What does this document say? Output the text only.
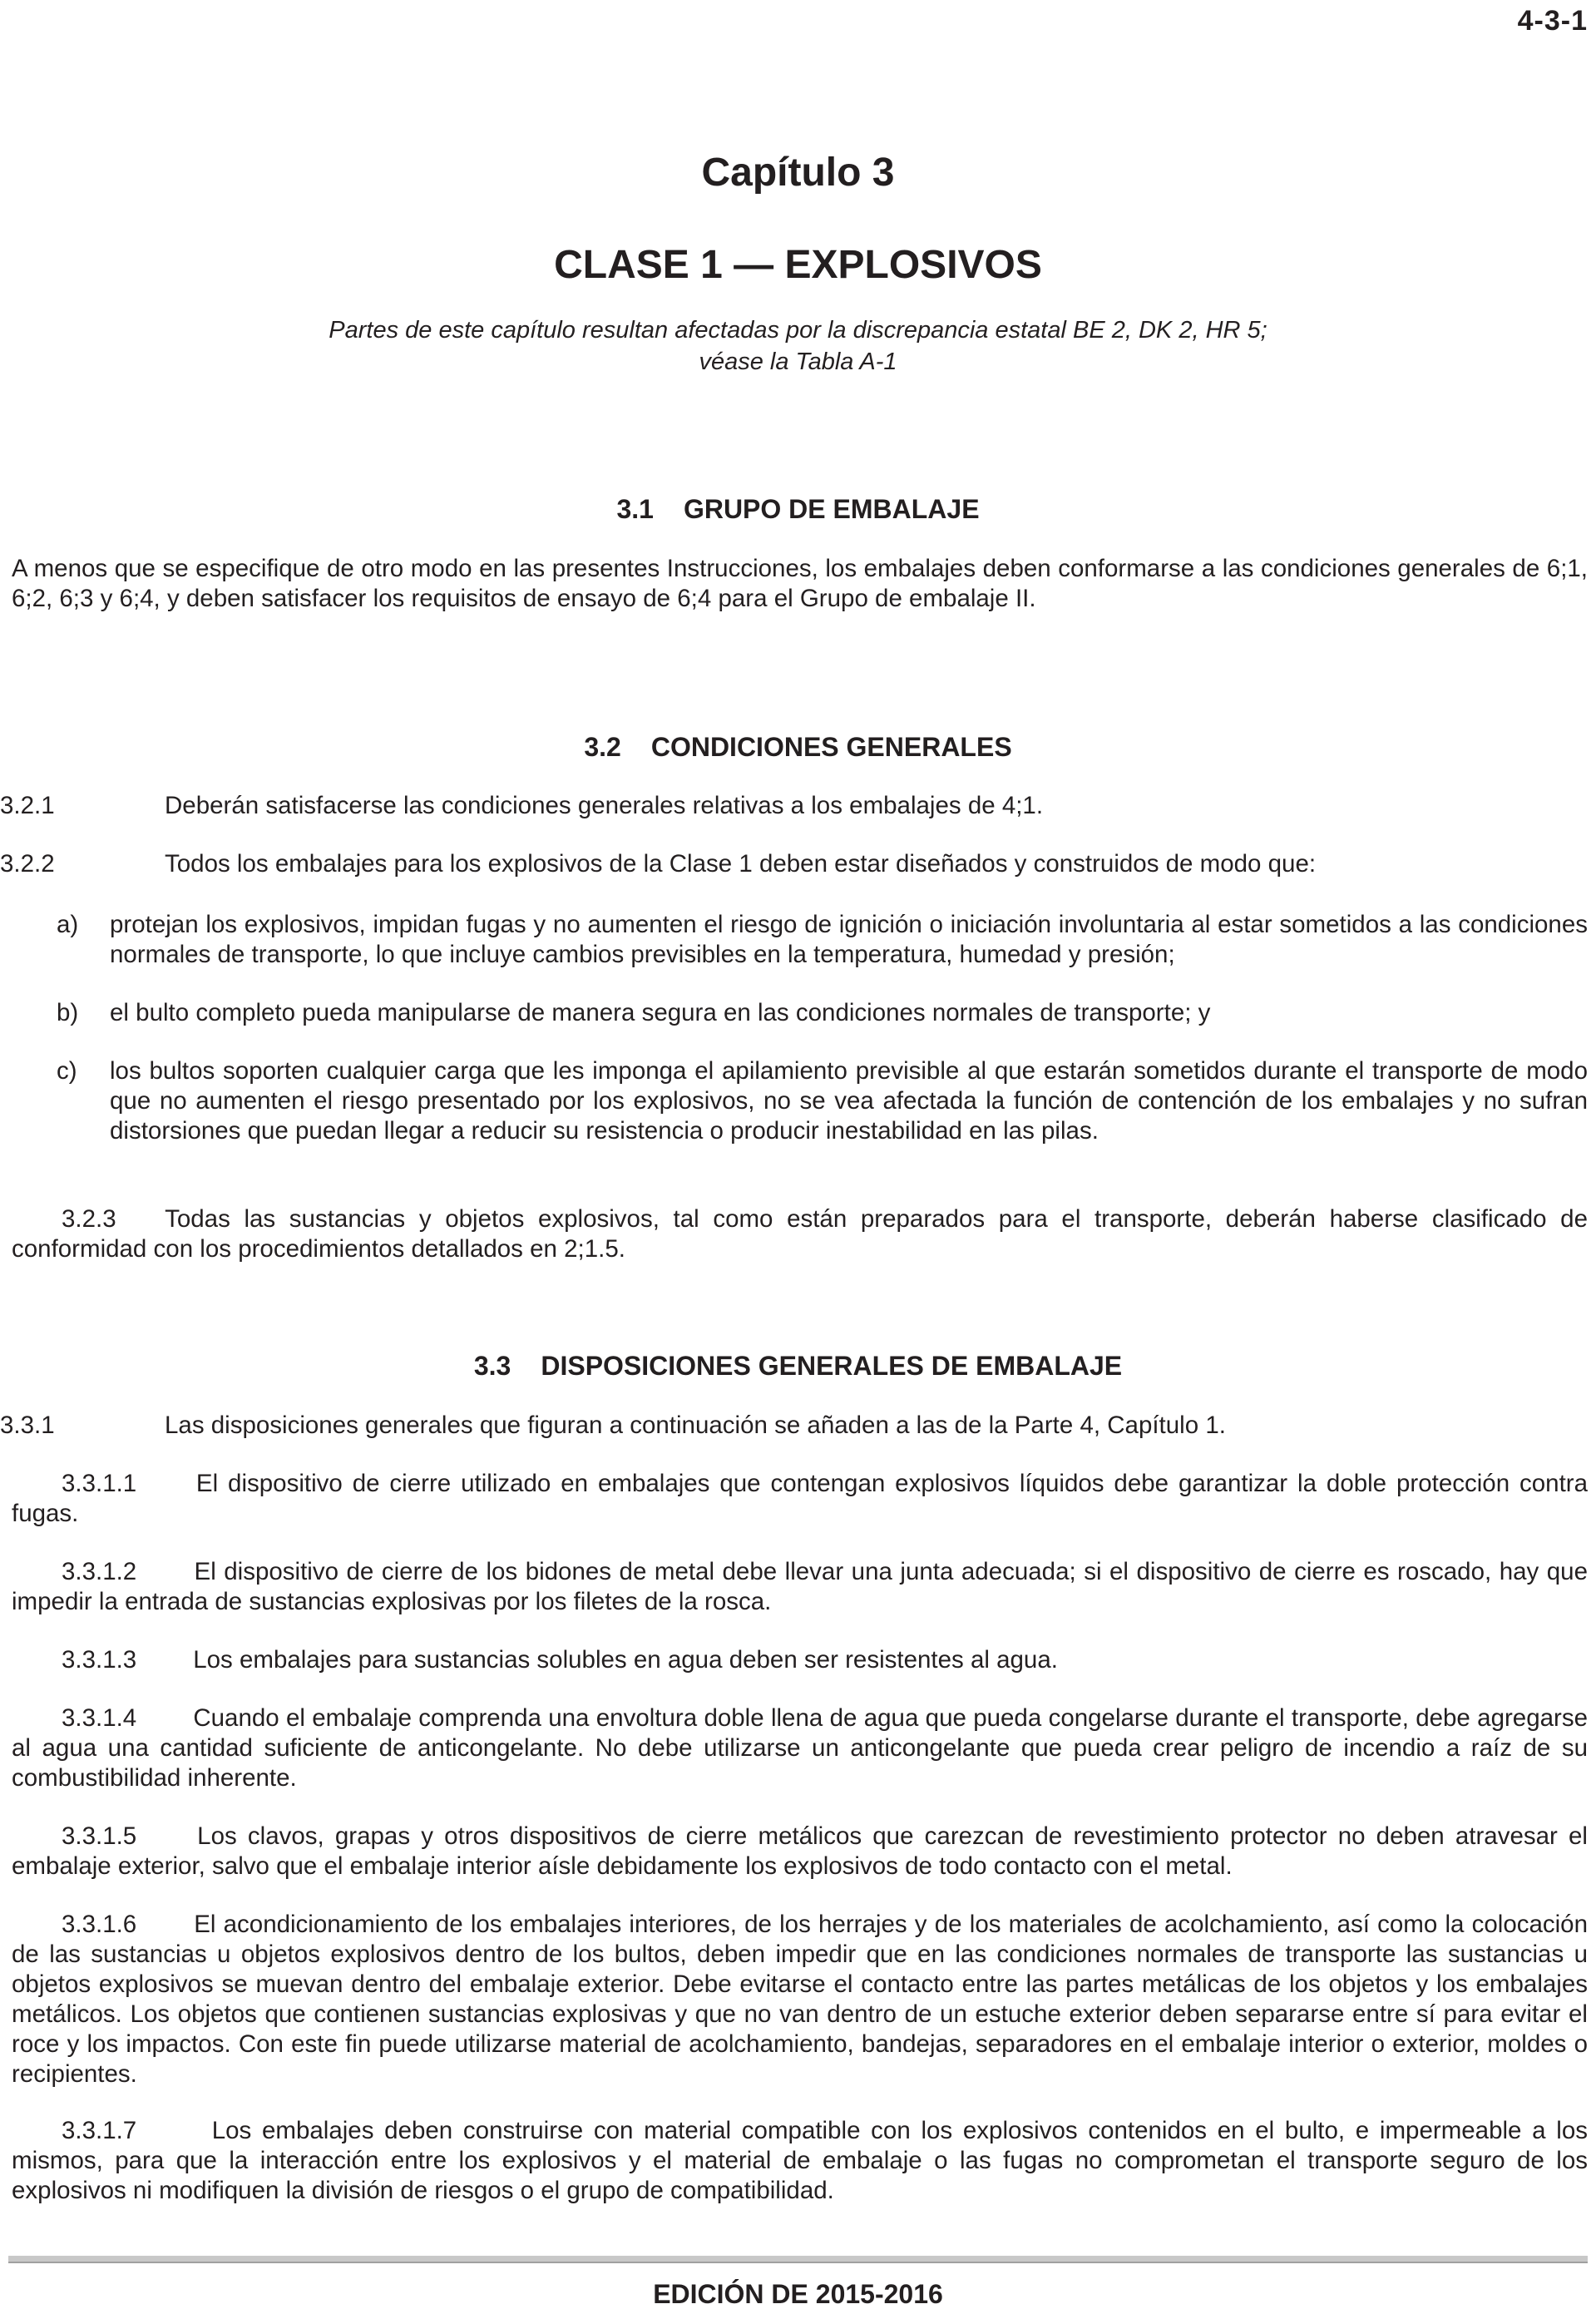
4-3-1
Capítulo 3
CLASE 1 — EXPLOSIVOS
Partes de este capítulo resultan afectadas por la discrepancia estatal BE 2, DK 2, HR 5;
véase la Tabla A-1
3.1 GRUPO DE EMBALAJE
A menos que se especifique de otro modo en las presentes Instrucciones, los embalajes deben conformarse a las condiciones generales de 6;1, 6;2, 6;3 y 6;4, y deben satisfacer los requisitos de ensayo de 6;4 para el Grupo de embalaje II.
3.2 CONDICIONES GENERALES
3.2.1	Deberán satisfacerse las condiciones generales relativas a los embalajes de 4;1.
3.2.2	Todos los embalajes para los explosivos de la Clase 1 deben estar diseñados y construidos de modo que:
a)	protejan los explosivos, impidan fugas y no aumenten el riesgo de ignición o iniciación involuntaria al estar sometidos a las condiciones normales de transporte, lo que incluye cambios previsibles en la temperatura, humedad y presión;
b)	el bulto completo pueda manipularse de manera segura en las condiciones normales de transporte; y
c)	los bultos soporten cualquier carga que les imponga el apilamiento previsible al que estarán sometidos durante el transporte de modo que no aumenten el riesgo presentado por los explosivos, no se vea afectada la función de contención de los embalajes y no sufran distorsiones que puedan llegar a reducir su resistencia o producir inestabilidad en las pilas.
3.2.3 Todas las sustancias y objetos explosivos, tal como están preparados para el transporte, deberán haberse clasificado de conformidad con los procedimientos detallados en 2;1.5.
3.3 DISPOSICIONES GENERALES DE EMBALAJE
3.3.1	Las disposiciones generales que figuran a continuación se añaden a las de la Parte 4, Capítulo 1.
3.3.1.1 El dispositivo de cierre utilizado en embalajes que contengan explosivos líquidos debe garantizar la doble protección contra fugas.
3.3.1.2 El dispositivo de cierre de los bidones de metal debe llevar una junta adecuada; si el dispositivo de cierre es roscado, hay que impedir la entrada de sustancias explosivas por los filetes de la rosca.
3.3.1.3 Los embalajes para sustancias solubles en agua deben ser resistentes al agua.
3.3.1.4 Cuando el embalaje comprenda una envoltura doble llena de agua que pueda congelarse durante el transporte, debe agregarse al agua una cantidad suficiente de anticongelante. No debe utilizarse un anticongelante que pueda crear peligro de incendio a raíz de su combustibilidad inherente.
3.3.1.5 Los clavos, grapas y otros dispositivos de cierre metálicos que carezcan de revestimiento protector no deben atravesar el embalaje exterior, salvo que el embalaje interior aísle debidamente los explosivos de todo contacto con el metal.
3.3.1.6 El acondicionamiento de los embalajes interiores, de los herrajes y de los materiales de acolchamiento, así como la colocación de las sustancias u objetos explosivos dentro de los bultos, deben impedir que en las condiciones normales de transporte las sustancias u objetos explosivos se muevan dentro del embalaje exterior. Debe evitarse el contacto entre las partes metálicas de los objetos y los embalajes metálicos. Los objetos que contienen sustancias explosivas y que no van dentro de un estuche exterior deben separarse entre sí para evitar el roce y los impactos. Con este fin puede utilizarse material de acolchamiento, bandejas, separadores en el embalaje interior o exterior, moldes o recipientes.
3.3.1.7	Los embalajes deben construirse con material compatible con los explosivos contenidos en el bulto, e impermeable a los mismos, para que la interacción entre los explosivos y el material de embalaje o las fugas no comprometan el transporte seguro de los explosivos ni modifiquen la división de riesgos o el grupo de compatibilidad.
EDICIÓN DE 2015-2016
